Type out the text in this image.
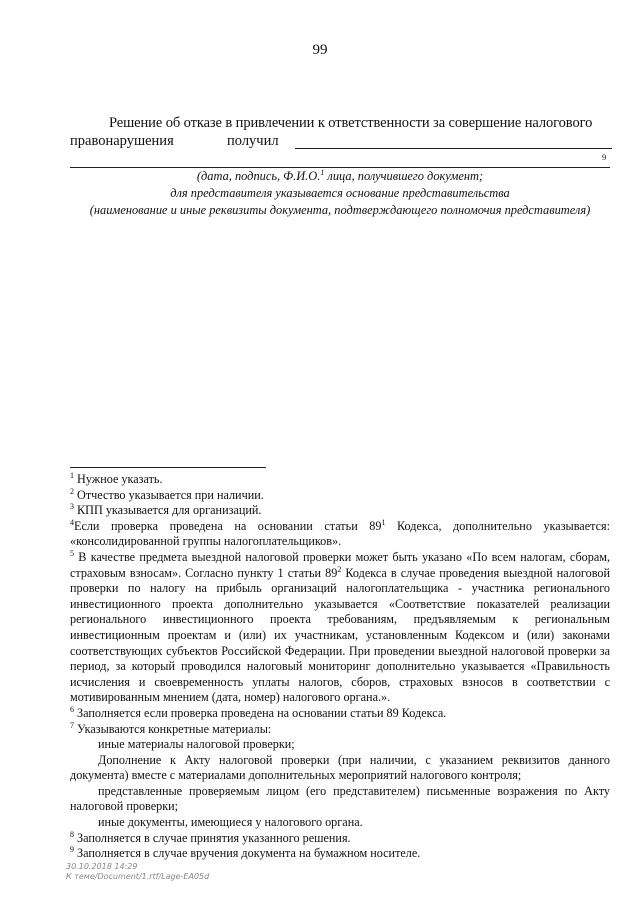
99
Решение об отказе в привлечении к ответственности за совершение налогового
правонарушения	получил
9
(дата, подпись, Ф.И.О.$^1$ лица, получившего документ;
для представителя указывается основание представительства
(наименование и иные реквизиты документа, подтверждающего полномочия представителя)

$^1$ Нужное указать.

$^2$ Отчество указывается при наличии.

$^3$ КПП указывается для организаций.

$^4$Если проверка проведена на основании статьи $89^1$ Кодекса, дополнительно указывается: «консолидированной группы налогоплательщиков».

$^5$ В качестве предмета выездной налоговой проверки может быть указано «По всем налогам, сборам, страховым взносам». Согласно пункту 1 статьи $89^2$ Кодекса в случае проведения выездной налоговой проверки по налогу на прибыль организаций налогоплательщика - участника регионального инвестиционного проекта дополнительно указывается «Соответствие показателей реализации регионального инвестиционного проекта требованиям, предъявляемым к региональным инвестиционным проектам и (или) их участникам, установленным Кодексом и (или) законами соответствующих субъектов Российской Федерации. При проведении выездной налоговой проверки за период, за который проводился налоговый мониторинг дополнительно указывается «Правильность исчисления и своевременность уплаты налогов, сборов, страховых взносов в соответствии с мотивированным мнением (дата, номер) налогового органа.».

$^6$ Заполняется если проверка проведена на основании статьи 89 Кодекса.

$^7$ Указываются конкретные материалы:

иные материалы налоговой проверки;

Дополнение к Акту налоговой проверки (при наличии, с указанием реквизитов данного документа) вместе с материалами дополнительных мероприятий налогового контроля;

представленные проверяемым лицом (его представителем) письменные возражения по Акту налоговой проверки;

иные документы, имеющиеся у налогового органа.

$^8$ Заполняется в случае принятия указанного решения.

$^9$ Заполняется в случае вручения документа на бумажном носителе.

30.10.2018 14:29
К теме/Document/1.rtf/Lage-EA05d
